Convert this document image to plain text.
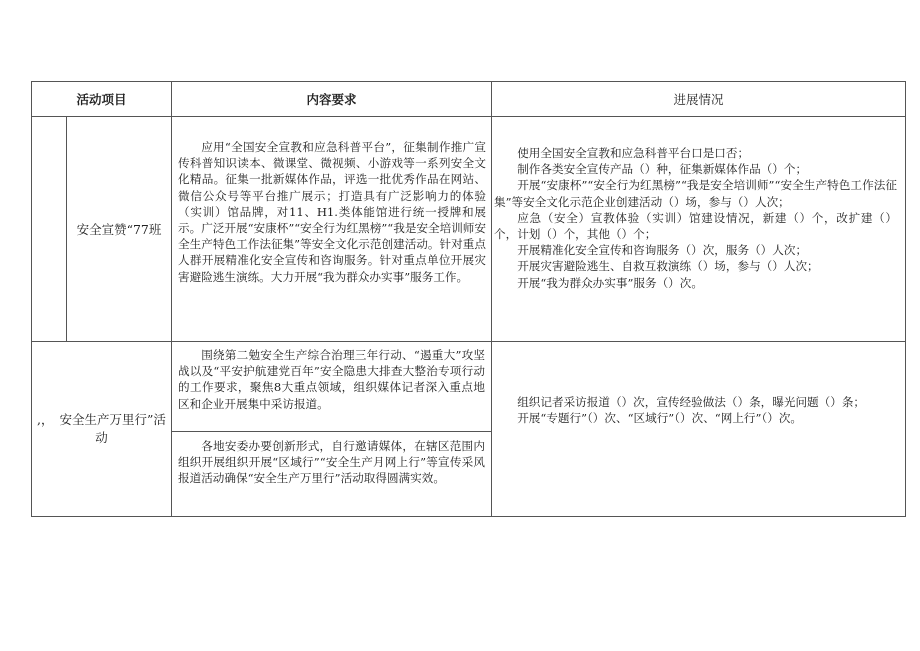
活动项目	内容要求	进展情况
安全宣赞“77班

应用“全国安全宣教和应急科普平台”，征集制作推广宣传科普知识读本、微课堂、微视频、小游戏等一系列安全文化精品。征集一批新媒体作品，评选一批优秀作品在网站、微信公众号等平台推广展示；打造具有广泛影响力的体验（实训）馆品牌，对11、H1.类体能馆进行统一授牌和展示。广泛开展“安康杯”“安全行为红黑榜”“我是安全培训师安全生产特色工作法征集”等安全文化示范创建活动。针对重点人群开展精准化安全宣传和咨询服务。针对重点单位开展灾害避险逃生演练。大力开展“我为群众办实事”服务工作。

使用全国安全宣教和应急科普平台口是口否；

制作各类安全宣传产品（）种，征集新媒体作品（）个；

开展“安康杯”“安全行为红黑榜”“我是安全培训师”“安全生产特色工作法征集”等安全文化示范企业创建活动（）场，参与（）人次；

应急（安全）宣教体验（实训）馆建设情况，新建（）个，改扩建（）个，计划（）个，其他（）个；

开展精准化安全宣传和咨询服务（）次，服务（）人次；

开展灾害避险逃生、自救互救演练（）场，参与（）人次；

开展“我为群众办实事”服务（）次。

,， 安全生产万里行”活动

围绕第二勉安全生产综合治理三年行动、“遏重大”攻坚战以及“平安护航建党百年”安全隐患大排查大整治专项行动的工作要求，聚焦8大重点领域，组织媒体记者深入重点地区和企业开展集中采访报道。

各地安委办要创新形式，自行邀请媒体，在辖区范围内组织开展组织开展“区域行”“安全生产月网上行”等宣传采风报道活动确保“安全生产万里行”活动取得圆满实效。

组织记者采访报道（）次，宣传经验做法（）条，曝光问题（）条；

开展“专题行”（）次、“区域行”（）次、“网上行”（）次。
